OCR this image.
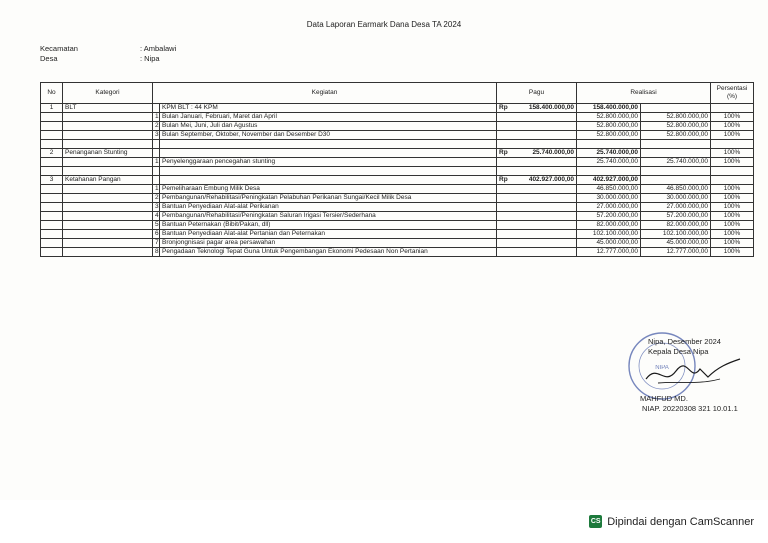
Data Laporan Earmark Dana Desa TA 2024
Kecamatan	: Ambalawi
Desa	: Nipa
No	Kategori	Kegiatan		Pagu	Realisasi		Persentasi (%)
1	BLT		KPM BLT : 44 KPM	Rp 158.400.000,00	158.400.000,00		
		1	Bulan Januari, Februari, Maret dan April		52.800.000,00	52.800.000,00	100%
		2	Bulan Mei, Juni, Juli dan Agustus		52.800.000,00	52.800.000,00	100%
		3	Bulan September, Oktober, November dan Desember D30		52.800.000,00	52.800.000,00	100%

2	Penanganan Stunting			Rp 25.740.000,00	25.740.000,00		100%
		1	Penyelenggaraan pencegahan stunting		25.740.000,00	25.740.000,00	100%

3	Ketahanan Pangan			Rp 402.927.000,00	402.927.000,00		
		1	Pemeliharaan Embung Milik Desa		46.850.000,00	46.850.000,00	100%
		2	Pembangunan/Rehabilitasi/Peningkatan Pelabuhan Perikanan Sungai/Kecil Milik Desa		30.000.000,00	30.000.000,00	100%
		3	Bantuan Penyediaan Alat-alat Perikanan		27.000.000,00	27.000.000,00	100%
		4	Pembangunan/Rehabilitasi/Peningkatan Saluran Irigasi Tersier/Sederhana		57.200.000,00	57.200.000,00	100%
		5	Bantuan Peternakan (Bibit/Pakan, dll)		82.000.000,00	82.000.000,00	100%
		6	Bantuan Penyediaan Alat-alat Pertanian dan Peternakan		102.100.000,00	102.100.000,00	100%
		7	Bronjongnisasi pagar area persawahan		45.000.000,00	45.000.000,00	100%
		8	Pengadaan Teknologi Tepat Guna Untuk Pengembangan Ekonomi Pedesaan Non Pertanian		12.777.000,00	12.777.000,00	100%
NIPA
Nipa, Desember 2024
Kepala Desa Nipa
MAHFUD MD.
NIAP. 20220308 321 10.01.1
CS Dipindai dengan CamScanner
